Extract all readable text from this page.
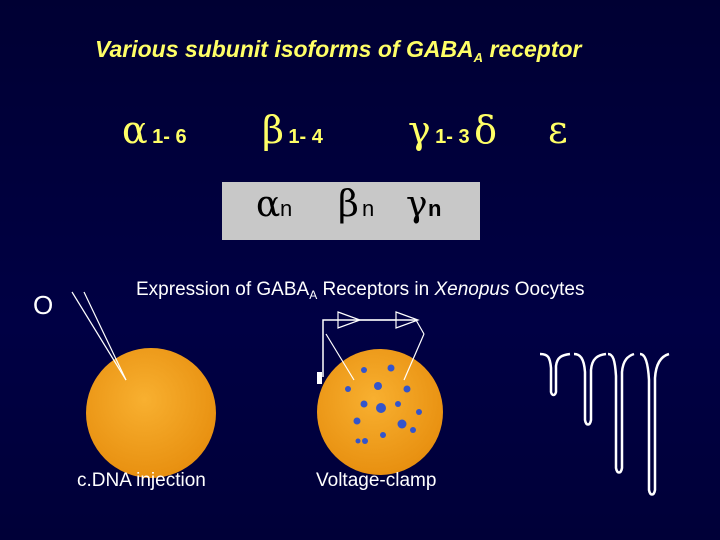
Various subunit isoforms of $GABA_A$ receptor
α 1- 6 β 1- 4 γ 1- 3 δ ε
α n β n γ n
Expression of $GABA_A$ Receptors in Xenopus Oocytes
O
c.DNA injection	Voltage-clamp
